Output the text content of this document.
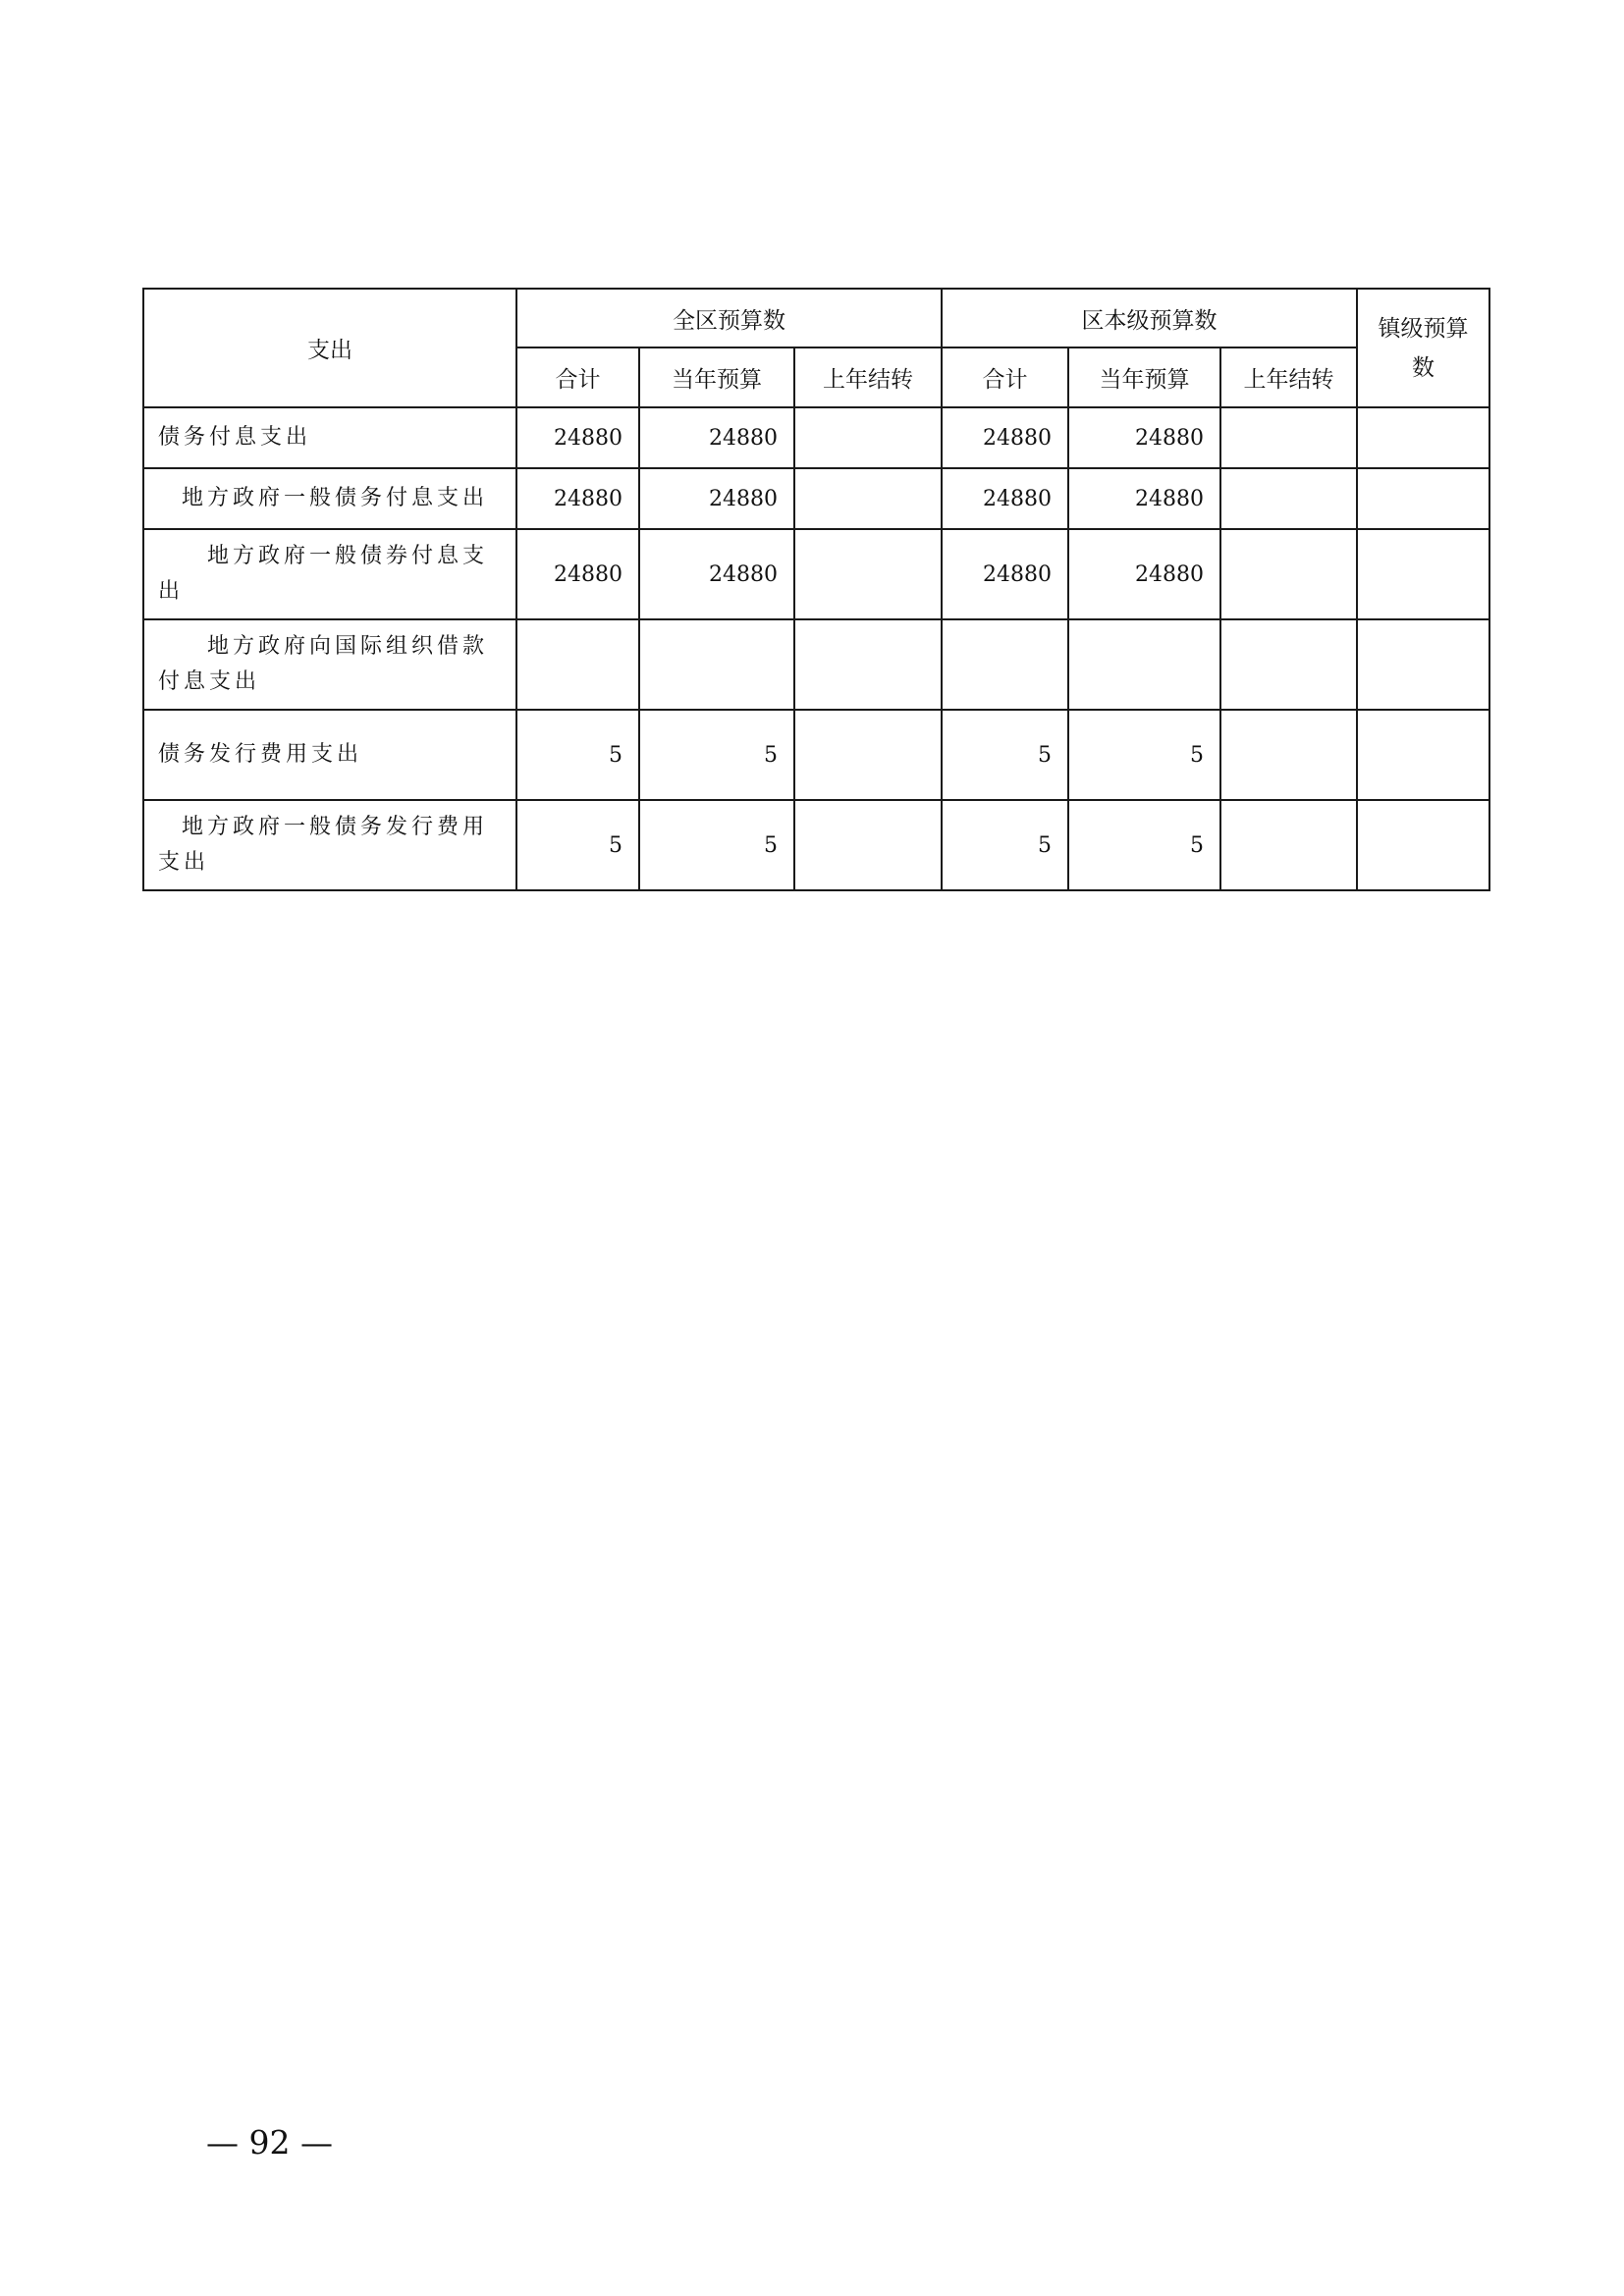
支出	全区预算数			区本级预算数			镇级预算数
	合计	当年预算	上年结转	合计	当年预算	上年结转	
债务付息支出	24880	24880		24880	24880		
地方政府一般债务付息支出	24880	24880		24880	24880		
地方政府一般债券付息支出	24880	24880		24880	24880		
地方政府向国际组织借款付息支出							
债务发行费用支出	5	5		5	5		
地方政府一般债务发行费用支出	5	5		5	5		
— 92 —
